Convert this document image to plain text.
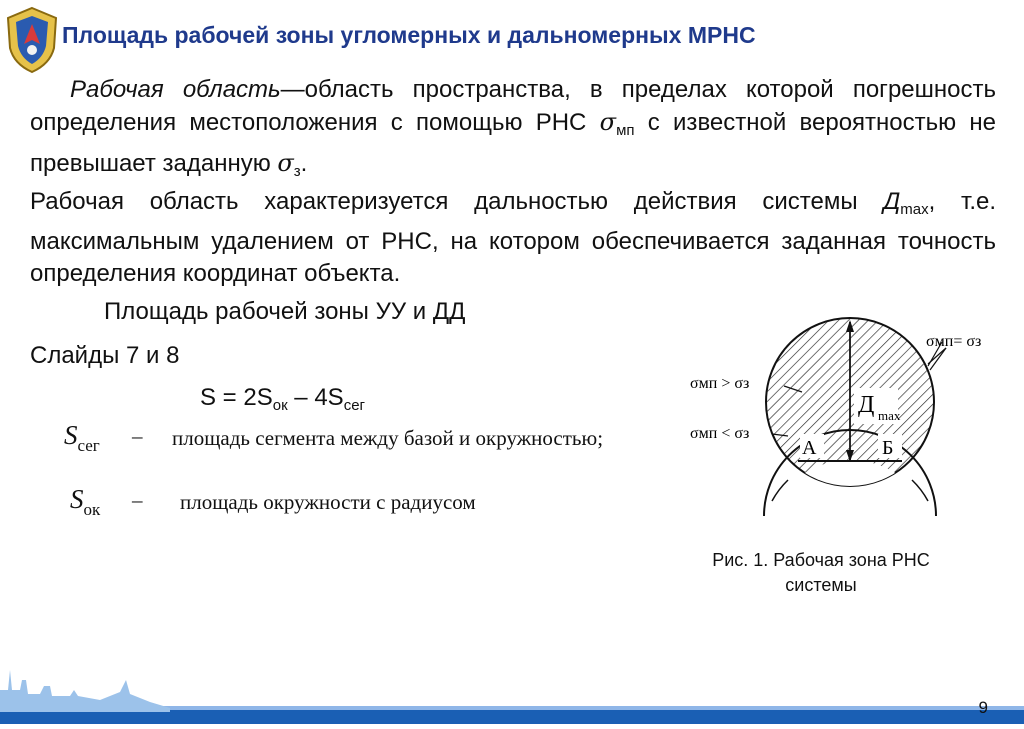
Площадь рабочей зоны угломерных и дальномерных МРНС

Рабочая область—область пространства, в пределах которой погрешность определения местоположения с помощью РНС $\sigma_{мп}$ с известной вероятностью не превышает заданную $\sigma_з$.

Рабочая область характеризуется дальностью действия системы $Д_{max}$, т.е. максимальным удалением от РНС, на котором обеспечивается заданная точность определения координат объекта.

Площадь рабочей зоны УУ и ДД

Слайды 7 и 8

$S = 2S_{ок} - 4S_{сег}$

$S_{сег}$ –	площадь сегмента между базой и окружностью;
$S_{ок}$ – площадь окружности с радиусом
Д max
А	Б
σмп= σз
σмп > σз
σмп < σз
Рис. 1. Рабочая зона РНС системы
9
